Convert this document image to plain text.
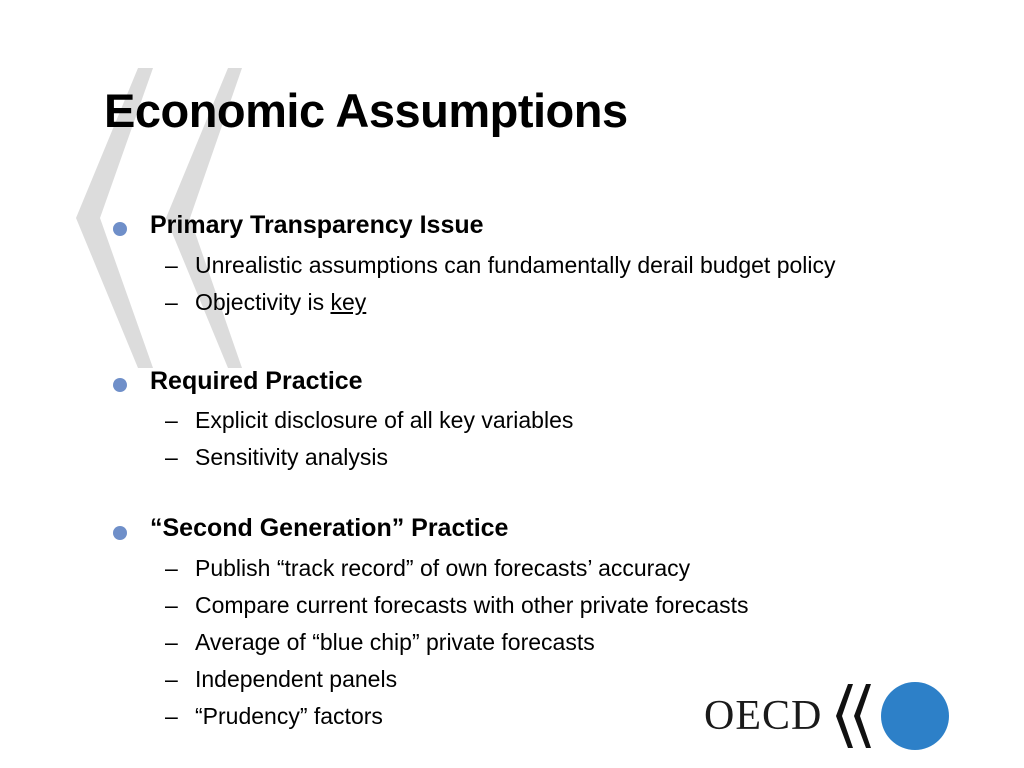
Economic Assumptions
Primary Transparency Issue
– Unrealistic assumptions can fundamentally derail budget policy
– Objectivity is key
Required Practice
– Explicit disclosure of all key variables
– Sensitivity analysis
“Second Generation” Practice
– Publish “track record” of own forecasts’ accuracy
– Compare current forecasts with other private forecasts
– Average of “blue chip” private forecasts
– Independent panels
– “Prudency” factors	OECD
